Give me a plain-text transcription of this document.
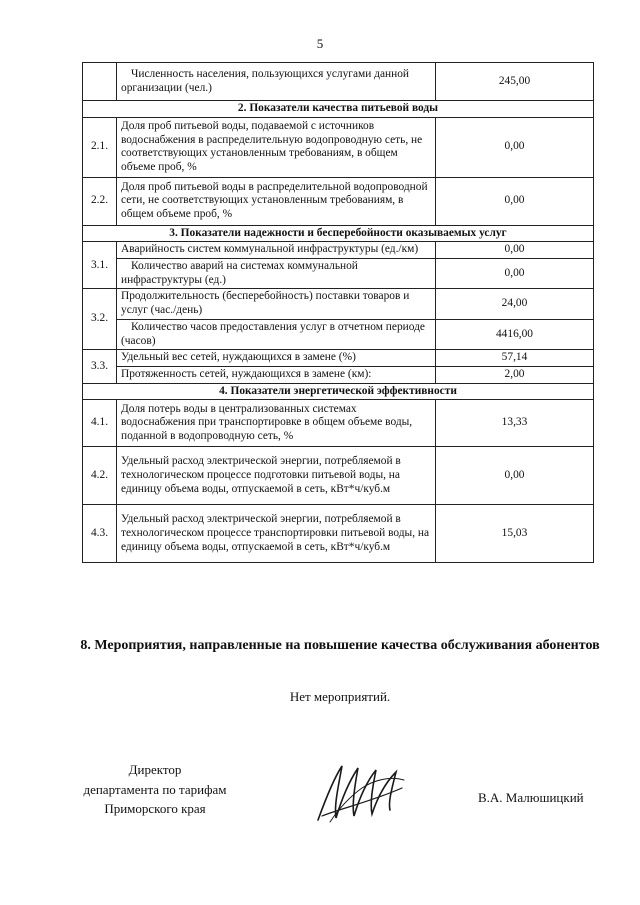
5
	Численность населения, пользующихся услугами данной организации (чел.)	245,00
2. Показатели качества питьевой воды		
2.1.	Доля проб питьевой воды, подаваемой с источников водоснабжения в распределительную водопроводную сеть, не соответствующих установленным требованиям, в общем объеме проб, %	0,00
2.2.	Доля проб питьевой воды в распределительной водопроводной сети, не соответствующих установленным требованиям, в общем объеме проб, %	0,00
3. Показатели надежности и бесперебойности оказываемых услуг		
3.1.	Аварийность систем коммунальной инфраструктуры (ед./км)	0,00
	Количество аварий на системах коммунальной инфраструктуры (ед.)	0,00
3.2.	Продолжительность (бесперебойность) поставки товаров и услуг (час./день)	24,00
	Количество часов предоставления услуг в отчетном периоде (часов)	4416,00
3.3.	Удельный вес сетей, нуждающихся в замене (%)	57,14
	Протяженность сетей, нуждающихся в замене (км):	2,00
4. Показатели энергетической эффективности		
4.1.	Доля потерь воды в централизованных системах водоснабжения при транспортировке в общем объеме воды, поданной в водопроводную сеть, %	13,33
4.2.	Удельный расход электрической энергии, потребляемой в технологическом процессе подготовки питьевой воды, на единицу объема воды, отпускаемой в сеть, кВт*ч/куб.м	0,00
4.3.	Удельный расход электрической энергии, потребляемой в технологическом процессе транспортировки питьевой воды, на единицу объема воды, отпускаемой в сеть, кВт*ч/куб.м	15,03
8. Мероприятия, направленные на повышение качества обслуживания абонентов
Нет мероприятий.
Директор
департамента по тарифам
Приморского края
В.А. Малюшицкий
